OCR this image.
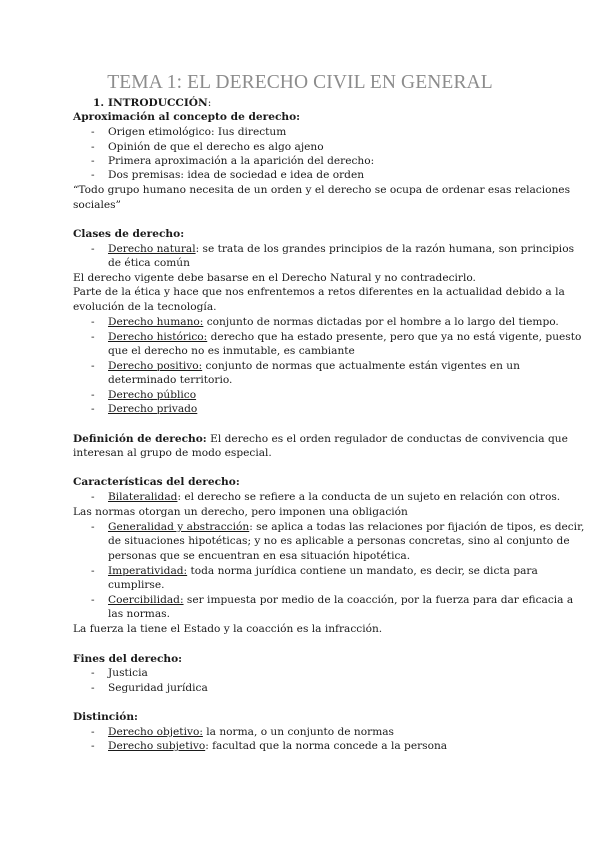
TEMA 1: EL DERECHO CIVIL EN GENERAL
1. INTRODUCCIÓN:
Aproximación al concepto de derecho:
- Origen etimológico: Ius directum
- Opinión de que el derecho es algo ajeno
- Primera aproximación a la aparición del derecho:
- Dos premisas: idea de sociedad e idea de orden
“Todo grupo humano necesita de un orden y el derecho se ocupa de ordenar esas relaciones
sociales”
Clases de derecho:
- Derecho natural: se trata de los grandes principios de la razón humana, son principios
de ética común
El derecho vigente debe basarse en el Derecho Natural y no contradecirlo.
Parte de la ética y hace que nos enfrentemos a retos diferentes en la actualidad debido a la
evolución de la tecnología.
- Derecho humano: conjunto de normas dictadas por el hombre a lo largo del tiempo.
- Derecho histórico: derecho que ha estado presente, pero que ya no está vigente, puesto
que el derecho no es inmutable, es cambiante
- Derecho positivo: conjunto de normas que actualmente están vigentes en un
determinado territorio.
- Derecho público
- Derecho privado
Definición de derecho: El derecho es el orden regulador de conductas de convivencia que
interesan al grupo de modo especial.
Características del derecho:
- Bilateralidad: el derecho se refiere a la conducta de un sujeto en relación con otros.
Las normas otorgan un derecho, pero imponen una obligación
- Generalidad y abstracción: se aplica a todas las relaciones por fijación de tipos, es decir,
de situaciones hipotéticas; y no es aplicable a personas concretas, sino al conjunto de
personas que se encuentran en esa situación hipotética.
- Imperatividad: toda norma jurídica contiene un mandato, es decir, se dicta para
cumplirse.
- Coercibilidad: ser impuesta por medio de la coacción, por la fuerza para dar eficacia a
las normas.
La fuerza la tiene el Estado y la coacción es la infracción.
Fines del derecho:
- Justicia
- Seguridad jurídica
Distinción:
- Derecho objetivo: la norma, o un conjunto de normas
- Derecho subjetivo: facultad que la norma concede a la persona
